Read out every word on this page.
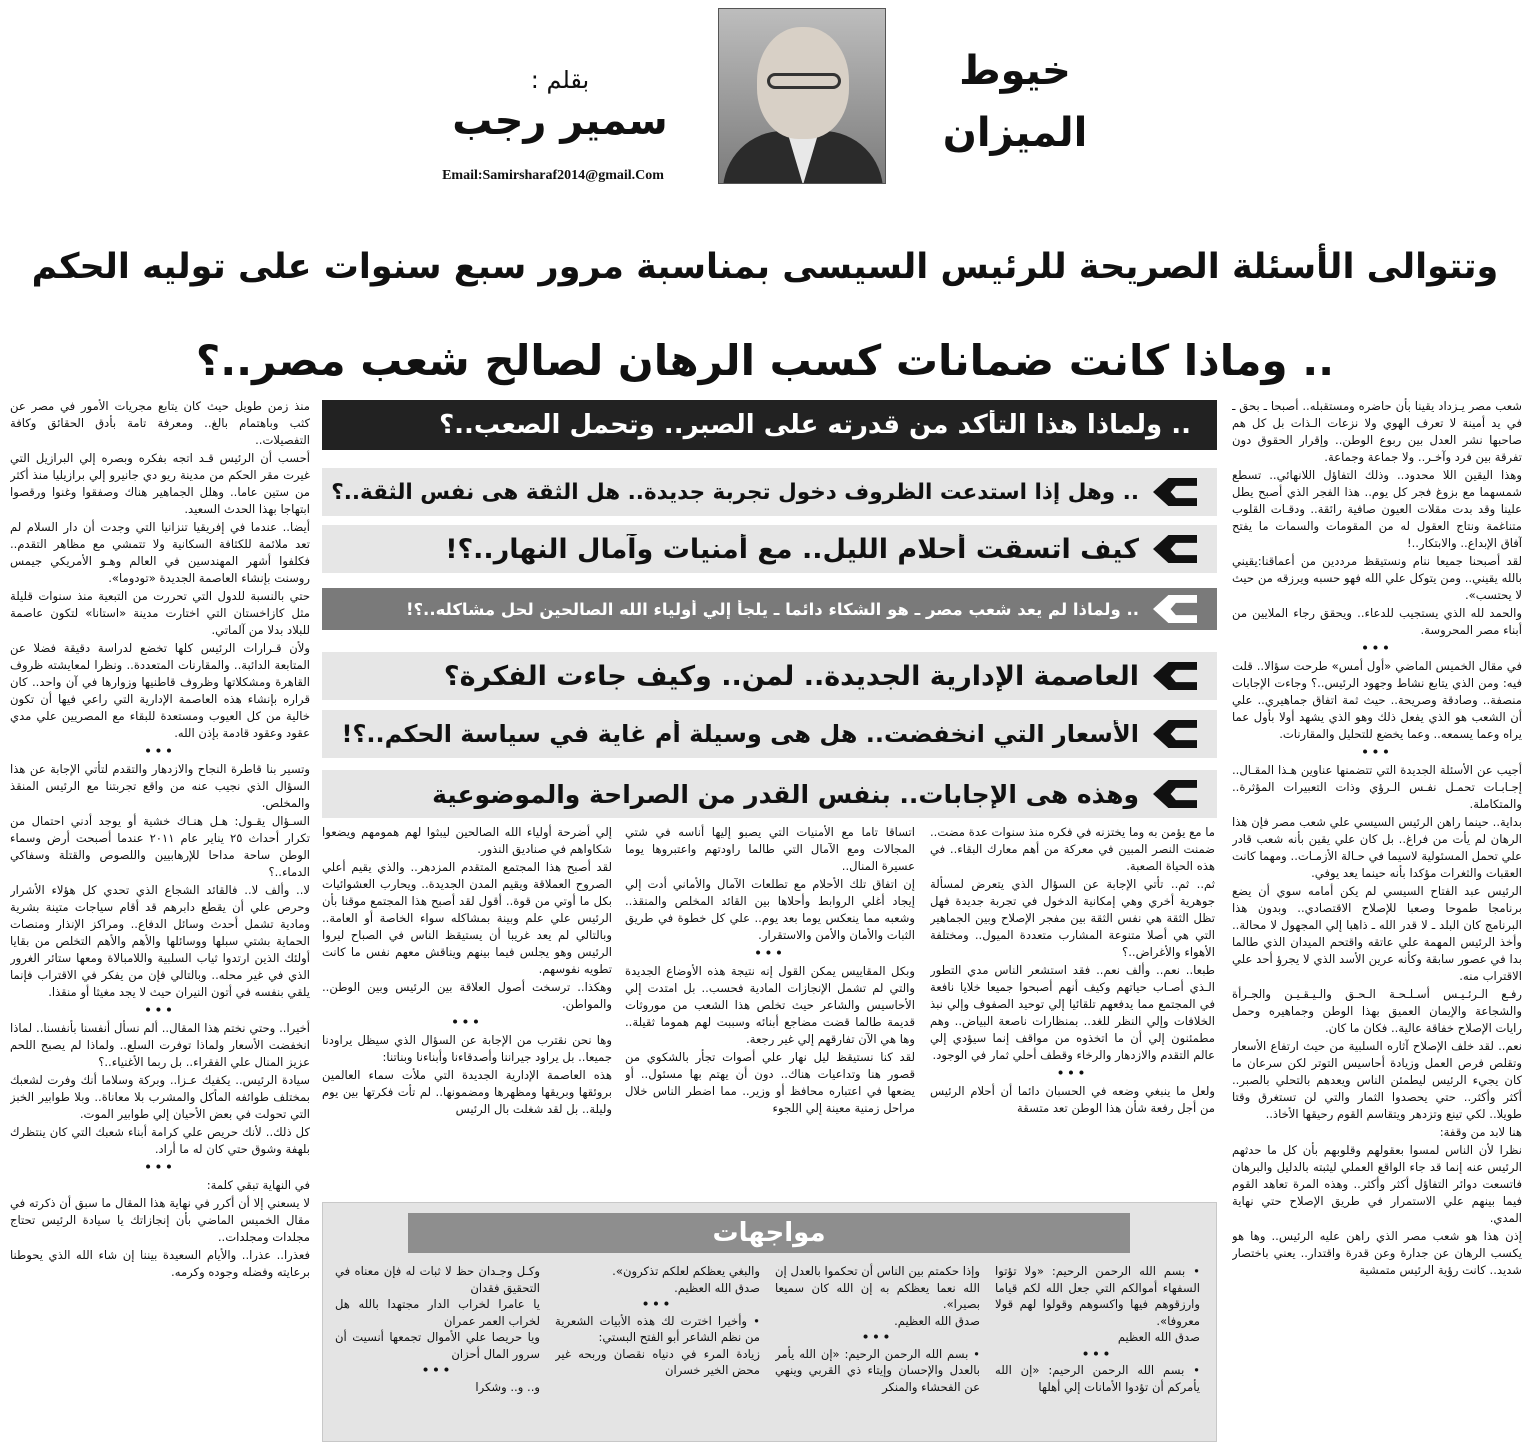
خيوط
الميزان
بقلم :
سمير رجب
Email:Samirsharaf2014@gmail.Com
وتتوالى الأسئلة الصريحة للرئيس السيسى بمناسبة مرور سبع سنوات على توليه الحكم
.. وماذا كانت ضمانات كسب الرهان لصالح شعب مصر..؟
.. ولماذا هذا التأكد من قدرته على الصبر.. وتحمل الصعب..؟
.. وهل إذا استدعت الظروف دخول تجربة جديدة.. هل الثقة هى نفس الثقة..؟
كيف اتسقت أحلام الليل.. مع أمنيات وآمال النهار..؟!
.. ولماذا لم يعد شعب مصر ـ هو الشكاء دائما ـ يلجأ إلي أولياء الله الصالحين لحل مشاكله..؟!
العاصمة الإدارية الجديدة.. لمن.. وكيف جاءت الفكرة؟
الأسعار التي انخفضت.. هل هى وسيلة أم غاية في سياسة الحكم..؟!
وهذه هى الإجابات.. بنفس القدر من الصراحة والموضوعية

شعب مصر يـزداد يقينا بأن حاضره ومستقبله.. أصبحا ـ بحق ـ في يد أمينة لا تعرف الهوي ولا نزعات الـذات بل كل هم صاحبها نشر العدل بين ربوع الوطن.. وإقرار الحقوق دون تفرقة بين فرد وآخـر.. ولا جماعة وجماعة.

وهذا اليقين اللا محدود.. وذلك التفاؤل اللانهائي.. تسطع شمسهما مع بزوغ فجر كل يوم.. هذا الفجر الذي أصبح يطل علينا وقد بدت مقلات العيون صافية رائقة.. ودقـات القلوب متناغمة ونتاج العقول له من المقومات والسمات ما يفتح آفاق الإبداع.. والابتكار..!

لقد أصبحنا جميعا ننام ونستيقظ مرددين من أعماقنا:يقيني بالله يقيني.. ومن يتوكل علي الله فهو حسبه ويرزقه من حيث لا يحتسب».

والحمد لله الذي يستجيب للدعاء.. ويحقق رجاء الملايين من أبناء مصر المحروسة.

•••

في مقال الخميس الماضي «أول أمس» طرحت سؤالا.. قلت فيه: ومن الذي يتابع نشاط وجهود الرئيس..؟ وجاءت الإجابات منصفة.. وصادقة وصريحة.. حيث ثمة اتفاق جماهيري.. علي أن الشعب هو الذي يفعل ذلك وهو الذي يشهد أولا بأول عما يراه وعما يسمعه.. وعما يخضع للتحليل والمقارنات.

•••

أجيب عن الأسئلة الجديدة التي تتضمنها عناوين هـذا المقـال.. إجـابـات تحمـل نفـس الـرؤي وذات التعبيرات المؤثرة.. والمتكاملة.

بداية.. حينما راهن الرئيس السيسي علي شعب مصر فإن هذا الرهان لم يأت من فراغ.. بل كان علي يقين بأنه شعب قادر علي تحمل المسئولية لاسيما في حـالة الأزمـات.. ومهما كانت العقبات والثغرات مؤكدا بأنه حينما يعد يوفي.

الرئيس عبد الفتاح السيسي لم يكن أمامه سوي أن يضع برنامجا طموحا وصعبا للإصلاح الاقتصادي.. وبدون هذا البرنامج كان البلد ـ لا قدر الله ـ ذاهبا إلي المجهول لا محالة.. وأخذ الرئيس المهمة علي عاتقه واقتحم الميدان الذي طالما بدا في عصور سابقة وكأنه عرين الأسد الذي لا يجرؤ أحد علي الاقتراب منه.

رفـع الـرئـيـس أسـلـحـة الـحـق والـيـقـيـن والجـرأة والشجاعة والإيمان العميق بهذا الوطن وجماهيره وحمل رايات الإصلاح خفاقة عالية.. فكان ما كان.

نعم.. لقد خلف الإصلاح آثاره السلبية من حيث ارتفاع الأسعار وتقلص فرص العمل وزيادة أحاسيس التوتر لكن سرعان ما كان يجيء الرئيس ليطمئن الناس ويعدهم بالتحلي بالصبر.. أكثر وأكثر.. حتي يحصدوا الثمار والتي لن تستغرق وقتا طويلا.. لكي تينع وتزدهر ويتقاسم القوم رحيقها الأخاذ..

هنا لابد من وقفة:

نظرا لأن الناس لمسوا بعقولهم وقلوبهم بأن كل ما حدثهم الرئيس عنه إنما قد جاء الواقع العملي ليثبته بالدليل والبرهان فاتسعت دوائر التفاؤل أكثر وأكثر.. وهذه المرة تعاهد القوم فيما بينهم علي الاستمرار في طريق الإصلاح حتي نهاية المدي.

إذن هذا هو شعب مصر الذي راهن عليه الرئيس.. وها هو يكسب الرهان عن جدارة وعن قدرة واقتدار.. يعني باختصار شديد.. كانت رؤية الرئيس متمشية

ما مع يؤمن به وما يختزنه في فكره منذ سنوات عدة مضت.. ضمنت النصر المبين في معركة من أهم معارك البقاء.. في هذه الحياة الصعبة.

ثم.. ثم.. تأتي الإجابة عن السؤال الذي يتعرض لمسألة جوهرية أخري وهي إمكانية الدخول في تجربة جديدة فهل تظل الثقة هي نفس الثقة بين مفجر الإصلاح وبين الجماهير التي هي أصلا متنوعة المشارب متعددة الميول.. ومختلفة الأهواء والأغراض..؟

طبعا.. نعم.. وألف نعم.. فقد استشعر الناس مدي التطور الـذي أصـاب حياتهم وكيف أنهم أصبحوا جميعا خلايا نافعة في المجتمع مما يدفعهم تلقائيا إلي توحيد الصفوف وإلي نبذ الخلافات وإلي النظر للغد.. بمنظارات ناصعة البياض.. وهم مطمئنون إلي أن ما اتخذوه من مواقف إنما سيؤدي إلي عالم التقدم والازدهار والرخاء وقطف أحلي ثمار في الوجود.

•••

ولعل ما ينبغي وضعه في الحسبان دائما أن أحلام الرئيس من أجل رفعة شأن هذا الوطن تعد متسقة

اتساقا تاما مع الأمنيات التي يصبو إليها أناسه في شتي المجالات ومع الآمال التي طالما راودتهم واعتبروها يوما عسيرة المنال..

إن اتفاق تلك الأحلام مع تطلعات الآمال والأماني أدت إلي إيجاد أغلي الروابط وأحلاها بين القائد المخلص والمنقذ.. وشعبه مما ينعكس يوما بعد يوم.. علي كل خطوة في طريق الثبات والأمان والأمن والاستقرار.

•••

وبكل المقاييس يمكن القول إنه نتيجة هذه الأوضاع الجديدة والتي لم تشمل الإنجازات المادية فحسب.. بل امتدت إلي الأحاسيس والشاعر حيث تخلص هذا الشعب من موروثات قديمة طالما قضت مضاجع أبنائه وسببت لهم هموما ثقيلة.. وها هي الآن تفارقهم إلي غير رجعة.

لقد كنا نستيقظ ليل نهار علي أصوات تجأر بالشكوي من قصور هنا وتداعيات هناك.. دون أن يهتم بها مسئول.. أو يضعها في اعتباره محافظ أو وزير.. مما اضطر الناس خلال مراحل زمنية معينة إلي اللجوء

إلي أضرحة أولياء الله الصالحين ليبثوا لهم همومهم ويضعوا شكاواهم في صناديق النذور.

لقد أصبح هذا المجتمع المتقدم المزدهر.. والذي يقيم أعلي الصروح العملاقة ويقيم المدن الجديدة.. ويحارب العشوائيات بكل ما أوتي من قوة.. أقول لقد أصبح هذا المجتمع موقنا بأن الرئيس علي علم وبينة بمشاكله سواء الخاصة أو العامة.. وبالتالي لم يعد غريبا أن يستيقظ الناس في الصباح ليروا الرئيس وهو يجلس فيما بينهم ويناقش معهم نفس ما كانت تطويه نفوسهم.

وهكذا.. ترسخت أصول العلاقة بين الرئيس وبين الوطن.. والمواطن.

•••

وها نحن نقترب من الإجابة عن السؤال الذي سيظل يراودنا جميعا.. بل يراود جيراننا وأصدقاءنا وأبناءنا وبناتنا:

هذه العاصمة الإدارية الجديدة التي ملأت سماء العالمين بروئقها وبريقها ومظهرها ومضمونها.. لم تأت فكرتها بين يوم وليلة.. بل لقد شغلت بال الرئيس

منذ زمن طويل حيث كان يتابع مجريات الأمور في مصر عن كثب وباهتمام بالغ.. ومعرفة تامة بأدق الحقائق وكافة التفصيلات..

أحسب أن الرئيس قـد اتجه بفكره وبصره إلي البرازيل التي غيرت مقر الحكم من مدينة ريو دي جانيرو إلي برازيليا منذ أكثر من ستين عاما.. وهلل الجماهير هناك وصفقوا وغنوا ورقصوا ابتهاجا بهذا الحدث السعيد.

أيضا.. عندما في إفريقيا تنزانيا التي وجدت أن دار السلام لم تعد ملائمة للكثافة السكانية ولا تتمشي مع مظاهر التقدم.. فكلفوا أشهر المهندسين في العالم وهـو الأمريكي جيمس روسنت بإنشاء العاصمة الجديدة «تودوما».

حتي بالنسبة للدول التي تحررت من التبعية منذ سنوات قليلة مثل كازاخستان التي اختارت مدينة «استانا» لتكون عاصمة للبلاد بدلا من آلماتي.

ولأن قـرارات الرئيس كلها تخضع لدراسة دقيقة فضلا عن المتابعة الدائبة.. والمقارنات المتعددة.. ونظرا لمعايشته ظروف القاهرة ومشكلاتها وظروف قاطنيها وزوارها في آن واحد.. كان قراره بإنشاء هذه العاصمة الإدارية التي راعي فيها أن تكون خالية من كل العيوب ومستعدة للبقاء مع المصريين علي مدي عقود وعقود قادمة بإذن الله.

•••

وتسير بنا قاطرة النجاح والازدهار والتقدم لتأتي الإجابة عن هذا السؤال الذي نجيب عنه من واقع تجربتنا مع الرئيس المنقذ والمخلص.

السـؤال يقـول: هـل هنـاك خشية أو يوجد أدني احتمال من تكرار أحداث ٢٥ يناير عام ٢٠١١ عندما أصبحت أرض وسماء الوطن ساحة مداحا للإرهابيين واللصوص والقتلة وسفاكي الدماء..؟

لا.. وألف لا.. فالقائد الشجاع الذي تحدي كل هؤلاء الأشرار وحرص علي أن يقطع دابرهم قد أقام سياجات متينة بشرية ومادية تشمل أحدث وسائل الدفاع.. ومراكز الإنذار ومنصات الحماية بشتي سبلها ووسائلها والأهم والأهم التخلص من بقايا أولئك الذين ارتدوا ثياب السلبية واللامبالاة ومعها ستائر الغرور الذي في غير محله.. وبالتالي فإن من يفكر في الاقتراب فإنما يلقي بنفسه في أتون النيران حيث لا يجد مغيثا أو منقذا.

•••

أخيرا.. وحتي نختم هذا المقال.. ألم نسأل أنفسنا بأنفسنا.. لماذا انخفضت الأسعار ولماذا توفرت السلع.. ولماذا لم يصبح اللحم عزيز المنال علي الفقراء.. بل ربما الأغنياء..؟

سيادة الرئيس.. يكفيك عـزا.. وبركة وسلاما أنك وفرت لشعبك بمختلف طوائفه المأكل والمشرب بلا معاناة.. وبلا طوابير الخبز التي تحولت في بعض الأحيان إلي طوابير الموت.

كل ذلك.. لأنك حريص علي كرامة أبناء شعبك التي كان ينتظرك بلهفة وشوق حتي كان له ما أراد.

•••

في النهاية تبقي كلمة:

لا يسعني إلا أن أكرر في نهاية هذا المقال ما سبق أن ذكرته في مقال الخميس الماضي بأن إنجازاتك يا سيادة الرئيس تحتاج مجلدات ومجلدات..

فعذرا.. عذرا.. والأيام السعيدة بيننا إن شاء الله الذي يحوطنا برعايته وفضله وجوده وكرمه.

مواجهات

• بسم الله الرحمن الرحيم: «ولا تؤتوا السفهاء أموالكم التي جعل الله لكم قياما وارزقوهم فيها واكسوهم وقولوا لهم قولا معروفا».

صدق الله العظيم

•••

• بسم الله الرحمن الرحيم: «إن الله يأمركم أن تؤدوا الأمانات إلي أهلها

وإذا حكمتم بين الناس أن تحكموا بالعدل إن الله نعما يعظكم به إن الله كان سميعا بصيرا».

صدق الله العظيم.

•••

• بسم الله الرحمن الرحيم: «إن الله يأمر بالعدل والإحسان وإيتاء ذي القربي وينهي عن الفحشاء والمنكر

والبغي يعظكم لعلكم تذكرون».

صدق الله العظيم.

•••

• وأخيرا اخترت لك هذه الأبيات الشعرية من نظم الشاعر أبو الفتح البستي:

زيادة المرء في دنياه نقصان وربحه غير محض الخير خسران

وكـل وجـدان حظ لا ثبات له فإن معناه في التحقيق فقدان

يا عامرا لخراب الدار مجتهدا بالله هل لخراب العمر عمران

ويا حريصا علي الأموال تجمعها أنسيت أن سرور المال أحزان

•••

و.. و.. وشكرا
